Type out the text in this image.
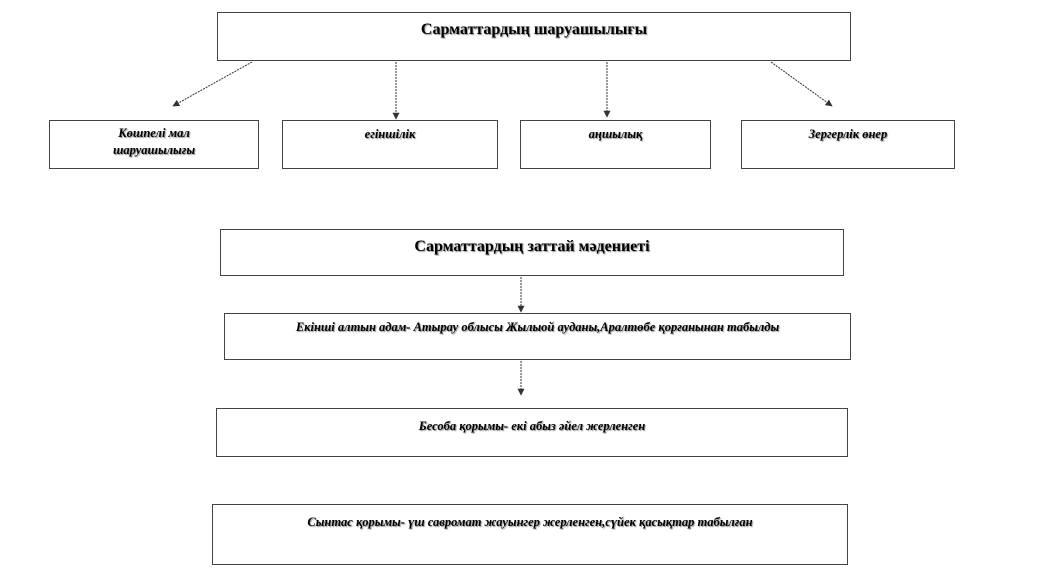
Сарматтардың шаруашылығы
Көшпелі мал шаруашылығы
егіншілік	аңшылық	Зергерлік өнер
Сарматтардың заттай мәдениеті
Екінші алтын адам- Атырау облысы Жылыой ауданы,Аралтөбе қорғанынан табылды
Бесоба қорымы- екі абыз әйел жерленген
Сынтас қорымы- үш савромат жауынгер жерленген,сүйек қасықтар табылған
